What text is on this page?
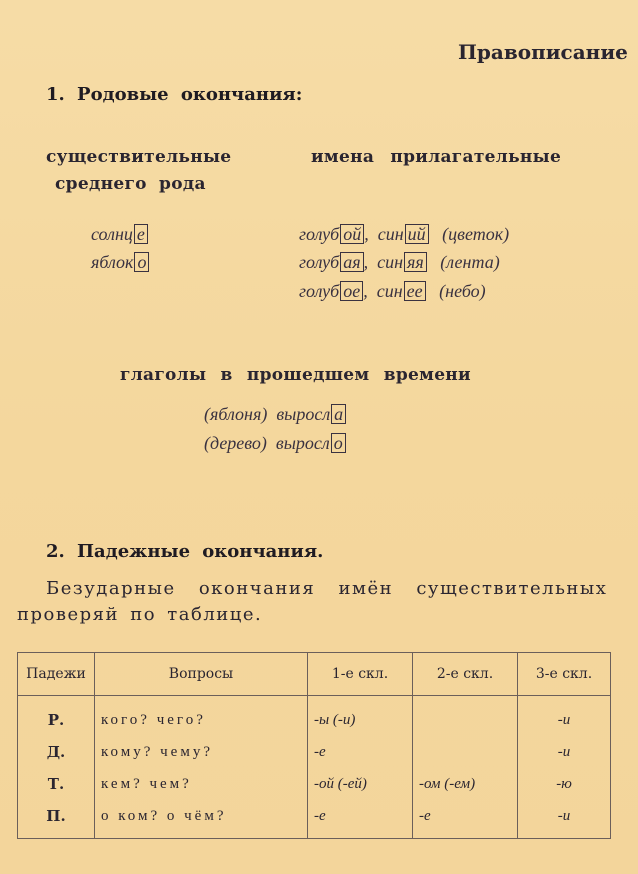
Правописание
1. Родовые окончания:
существительные
среднего рода
имена прилагательные
солнц е
яблок о
голуб ой ,  син ий (цветок)
голуб ая ,  син яя (лента)
голуб ое ,  син ее (небо)
глаголы в прошедшем времени
(яблоня) выросл а
(дерево) выросл о
2. Падежные окончания.
Безударные окончания имён существительных
проверяй по таблице.
Падежи	Вопросы	1-е скл.	2-е скл.	3-е скл.
Р.	кого? чего?	-ы (-и)		-и
Д.	кому? чему?	-е		-и
Т.	кем? чем?	-ой (-ей)	-ом (-ем)	-ю
П.	о ком? о чём?	-е	-е	-и
